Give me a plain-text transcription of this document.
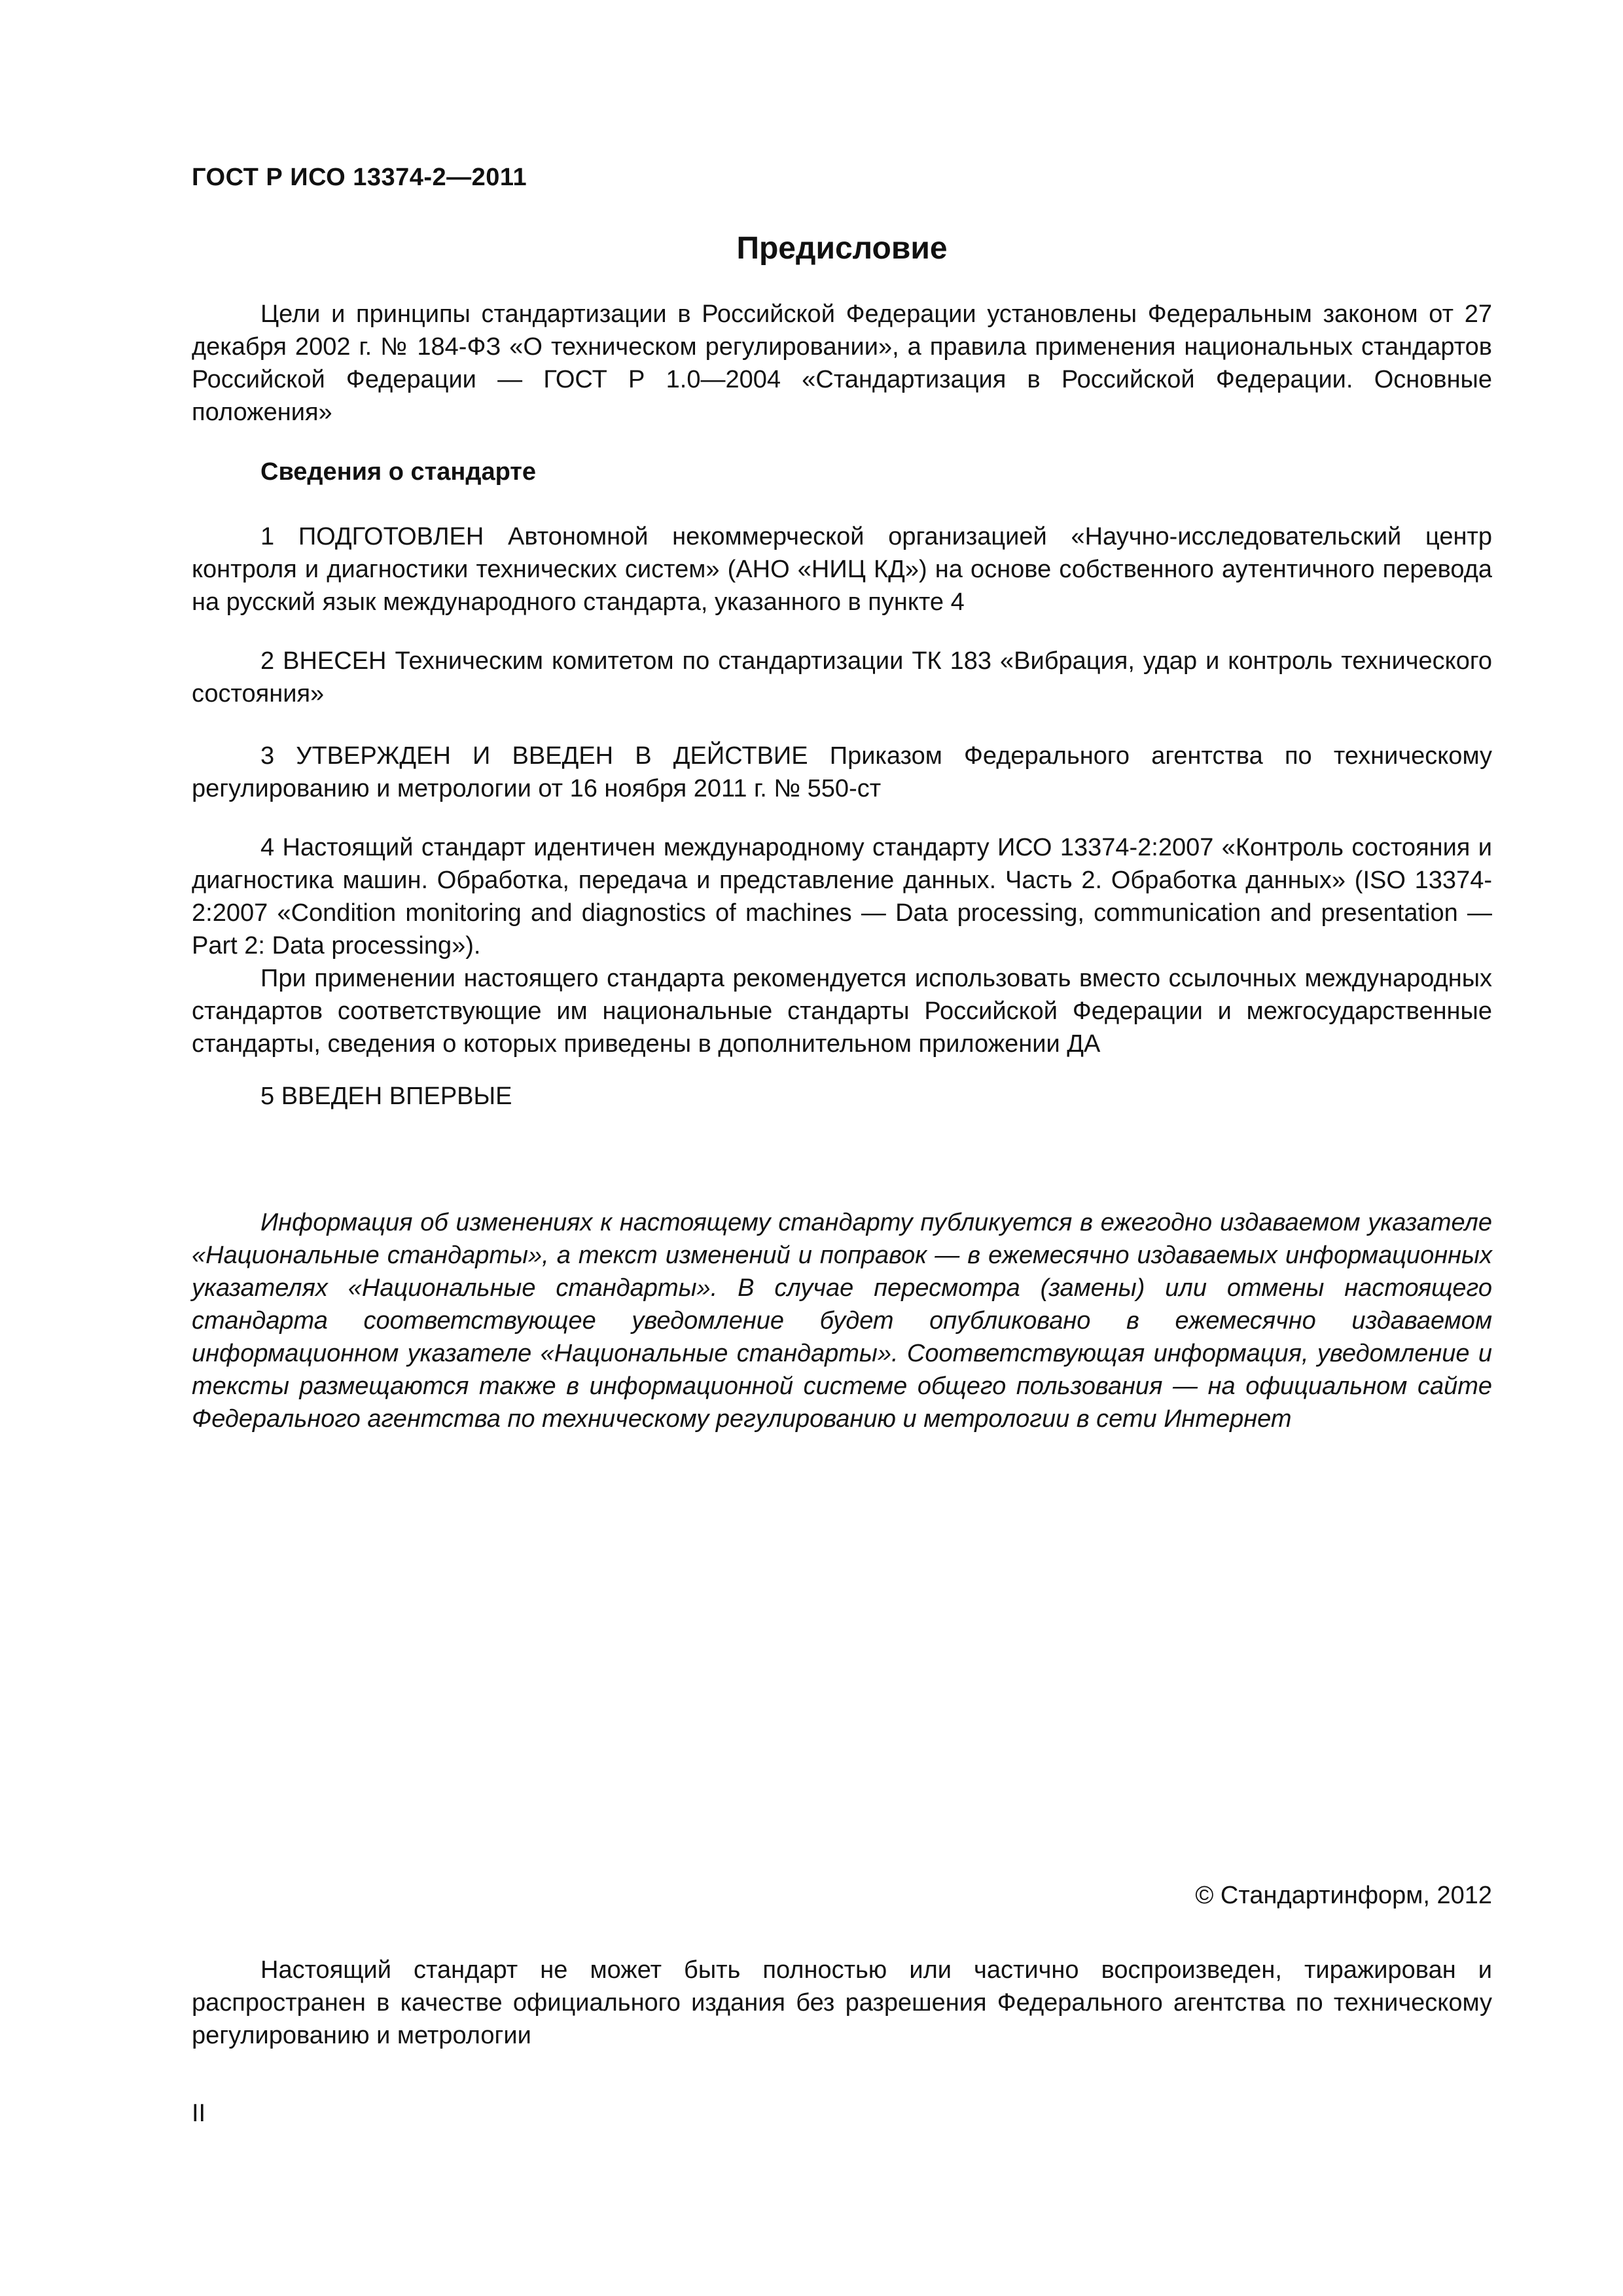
ГОСТ Р ИСО 13374-2—2011
Предисловие
Цели и принципы стандартизации в Российской Федерации установлены Федеральным законом от 27 декабря 2002 г. № 184-ФЗ «О техническом регулировании», а правила применения национальных стандартов Российской Федерации — ГОСТ Р 1.0—2004 «Стандартизация в Российской Федерации. Основные положения»
Сведения о стандарте
1 ПОДГОТОВЛЕН Автономной некоммерческой организацией «Научно-исследовательский центр контроля и диагностики технических систем» (АНО «НИЦ КД») на основе собственного аутентичного перевода на русский язык международного стандарта, указанного в пункте 4
2 ВНЕСЕН Техническим комитетом по стандартизации ТК 183 «Вибрация, удар и контроль технического состояния»
3 УТВЕРЖДЕН И ВВЕДЕН В ДЕЙСТВИЕ Приказом Федерального агентства по техническому регулированию и метрологии от 16 ноября 2011 г. № 550-ст
4 Настоящий стандарт идентичен международному стандарту ИСО 13374-2:2007 «Контроль состояния и диагностика машин. Обработка, передача и представление данных. Часть 2. Обработка данных» (ISO 13374-2:2007 «Condition monitoring and diagnostics of machines — Data processing, communication and presentation — Part 2: Data processing»).
При применении настоящего стандарта рекомендуется использовать вместо ссылочных международных стандартов соответствующие им национальные стандарты Российской Федерации и межгосударственные стандарты, сведения о которых приведены в дополнительном приложении ДА
5 ВВЕДЕН ВПЕРВЫЕ
Информация об изменениях к настоящему стандарту публикуется в ежегодно издаваемом указателе «Национальные стандарты», а текст изменений и поправок — в ежемесячно издаваемых информационных указателях «Национальные стандарты». В случае пересмотра (замены) или отмены настоящего стандарта соответствующее уведомление будет опубликовано в ежемесячно издаваемом информационном указателе «Национальные стандарты». Соответствующая информация, уведомление и тексты размещаются также в информационной системе общего пользования — на официальном сайте Федерального агентства по техническому регулированию и метрологии в сети Интернет
© Стандартинформ, 2012
Настоящий стандарт не может быть полностью или частично воспроизведен, тиражирован и распространен в качестве официального издания без разрешения Федерального агентства по техническому регулированию и метрологии
II
